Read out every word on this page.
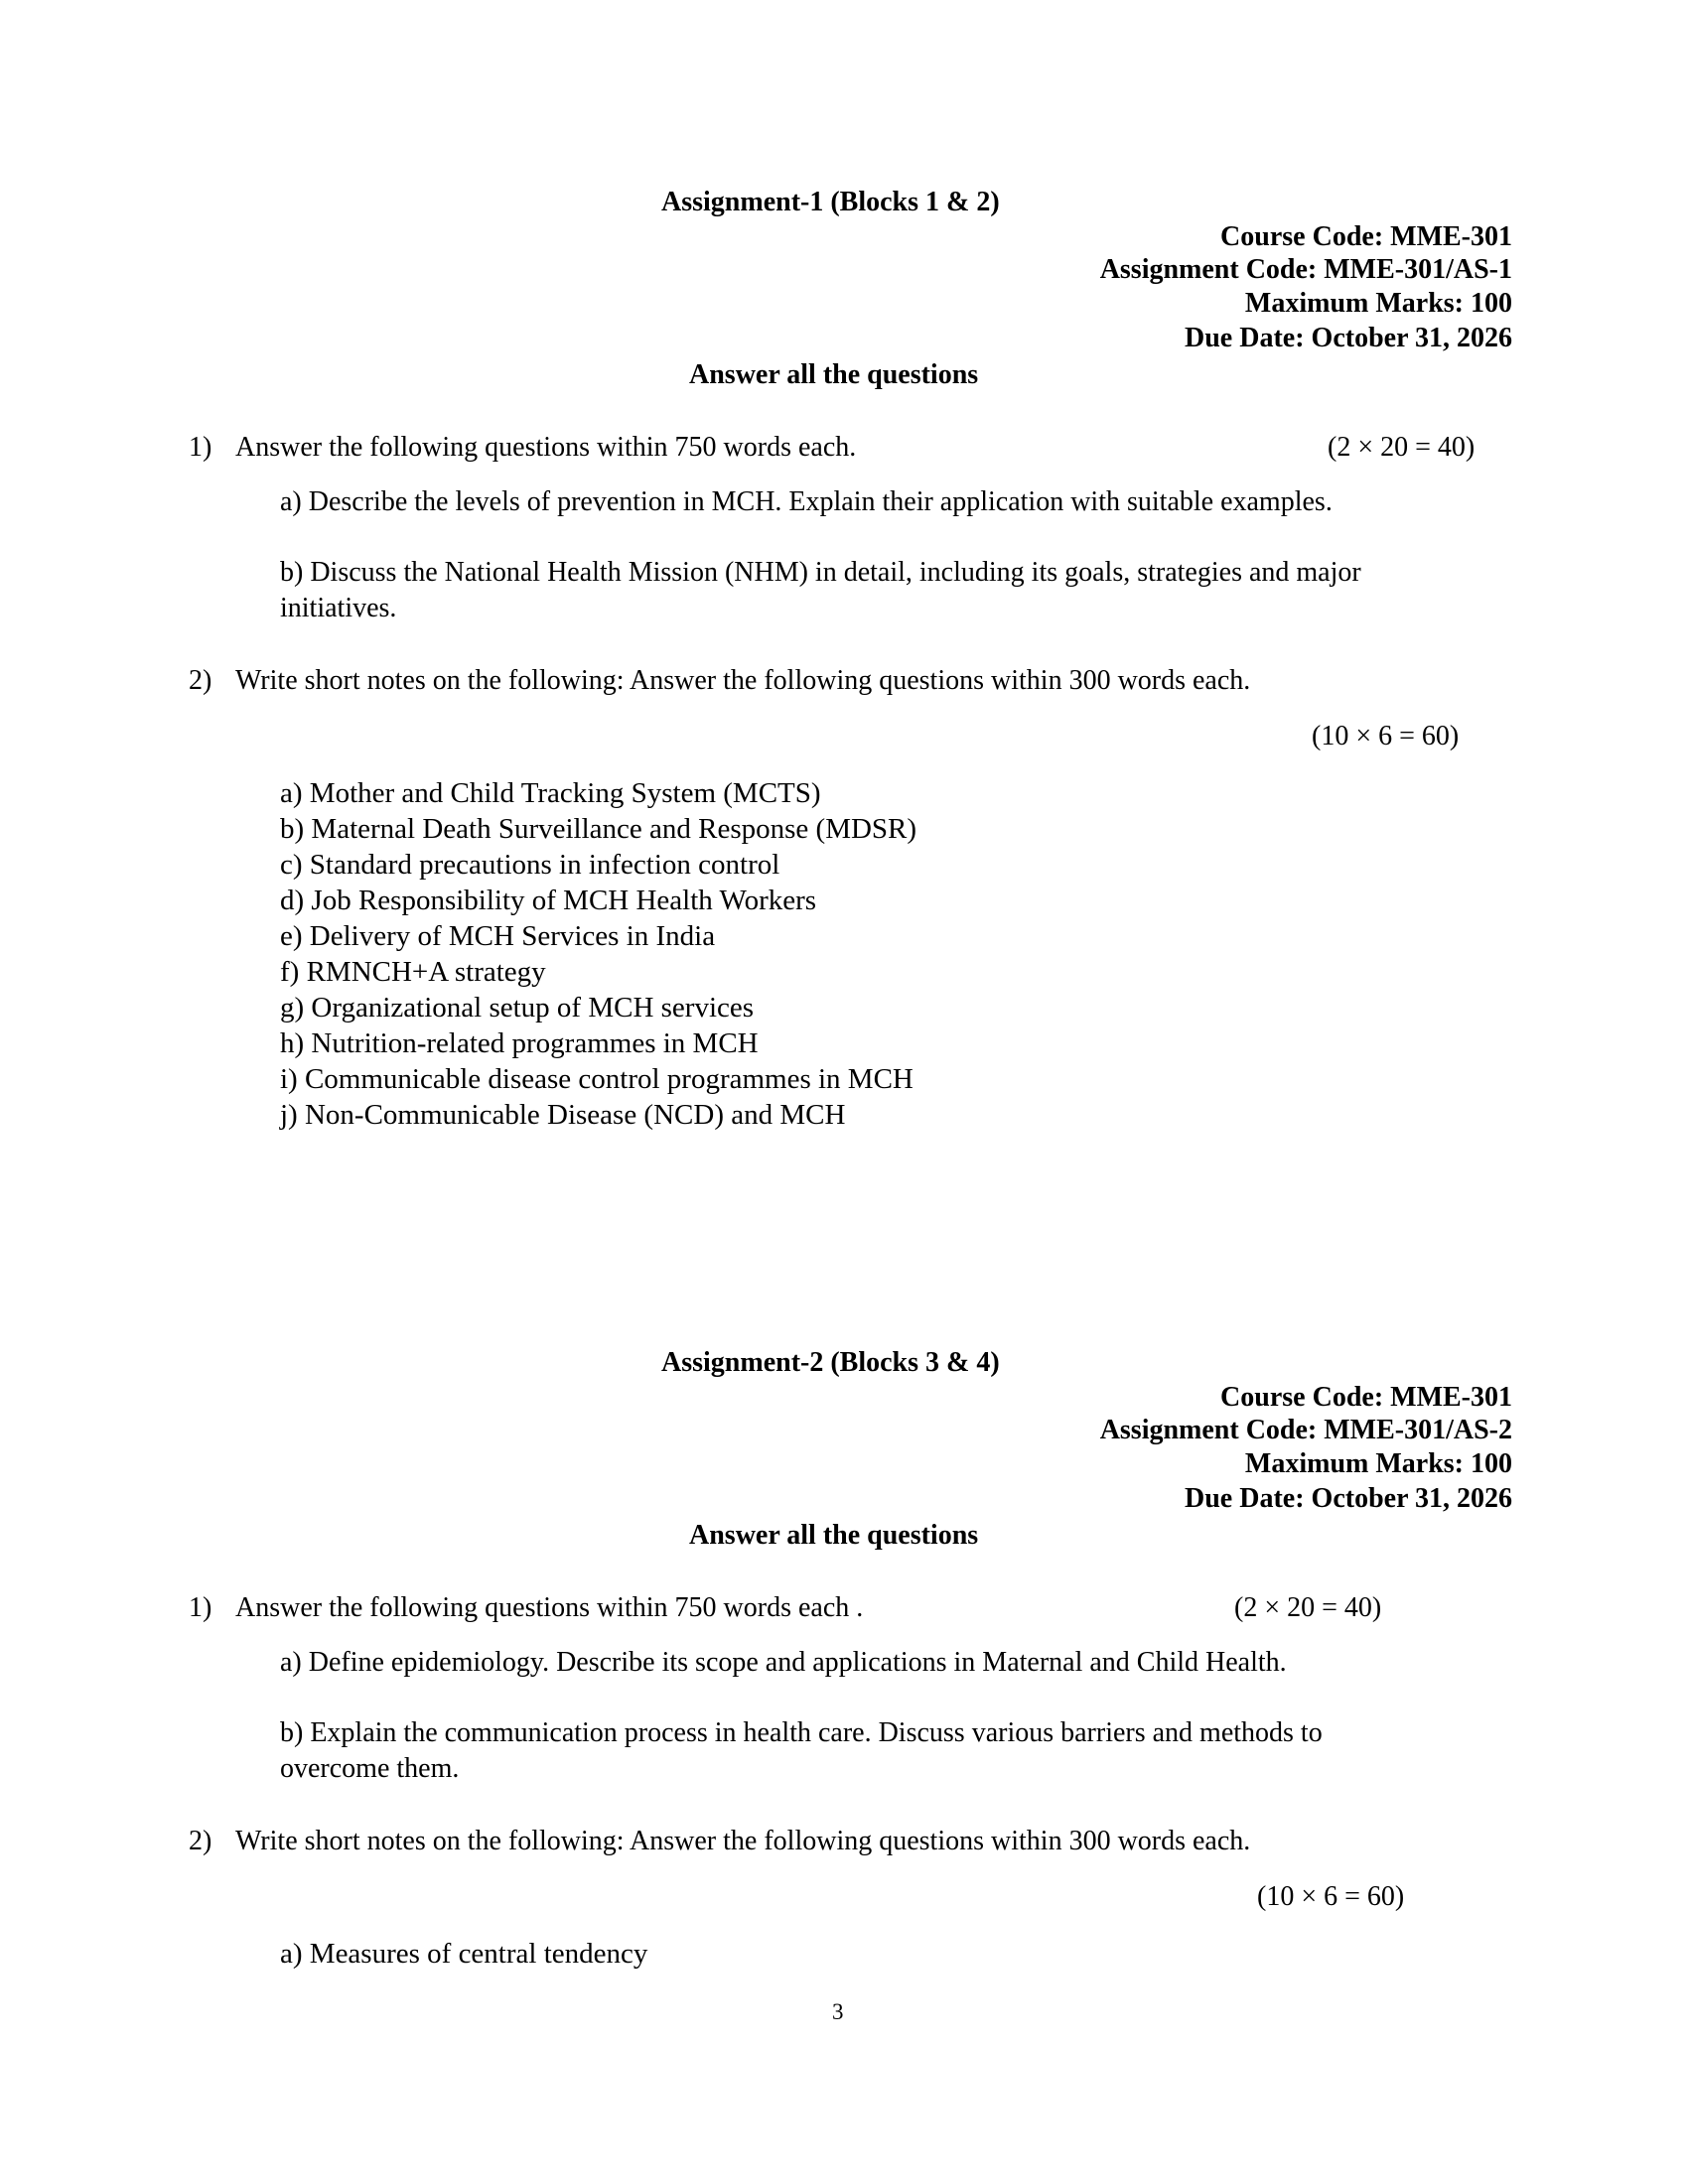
Assignment-1 (Blocks 1 & 2)
Course Code: MME-301
Assignment Code: MME-301/AS-1
Maximum Marks: 100
Due Date: October 31, 2026
Answer all the questions
1) Answer the following questions within 750 words each.	(2 × 20 = 40)
a) Describe the levels of prevention in MCH. Explain their application with suitable examples.
b) Discuss the National Health Mission (NHM) in detail, including its goals, strategies and major
initiatives.
2) Write short notes on the following: Answer the following questions within 300 words each.
(10 × 6 = 60)
a) Mother and Child Tracking System (MCTS)
b) Maternal Death Surveillance and Response (MDSR)
c) Standard precautions in infection control
d) Job Responsibility of MCH Health Workers
e) Delivery of MCH Services in India
f) RMNCH+A strategy
g) Organizational setup of MCH services
h) Nutrition-related programmes in MCH
i) Communicable disease control programmes in MCH
j) Non-Communicable Disease (NCD) and MCH
Assignment-2 (Blocks 3 & 4)
Course Code: MME-301
Assignment Code: MME-301/AS-2
Maximum Marks: 100
Due Date: October 31, 2026
Answer all the questions
1) Answer the following questions within 750 words each .	(2 × 20 = 40)
a) Define epidemiology. Describe its scope and applications in Maternal and Child Health.
b) Explain the communication process in health care. Discuss various barriers and methods to
overcome them.
2) Write short notes on the following: Answer the following questions within 300 words each.
(10 × 6 = 60)
a) Measures of central tendency
3
